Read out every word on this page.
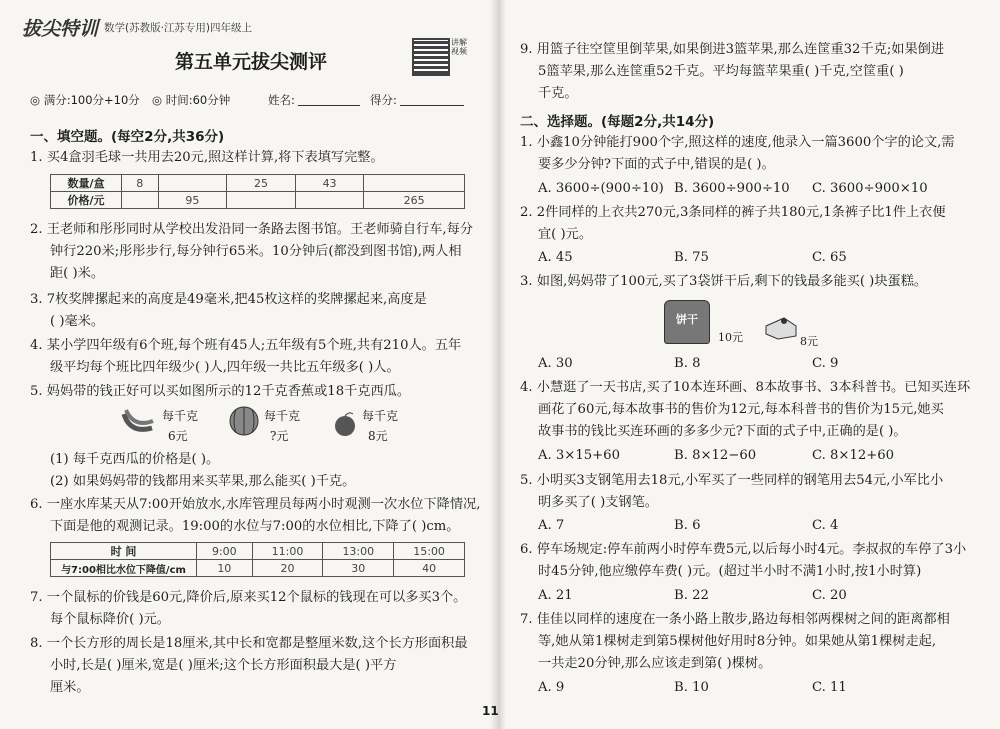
拔尖特训 数学(苏教版·江苏专用)四年级上
第五单元拔尖测评
讲解视频
◎ 满分:100分+10分 ◎ 时间:60分钟	姓名:	得分:
一、填空题。(每空2分,共36分)
1. 买4盒羽毛球一共用去20元,照这样计算,将下表填写完整。
数量/盒	8		25	43	
价格/元		95			265
2. 王老师和彤彤同时从学校出发沿同一条路去图书馆。王老师骑自行车,每分
钟行220米;彤彤步行,每分钟行65米。10分钟后(都没到图书馆),两人相
距( )米。
3. 7枚奖牌摞起来的高度是49毫米,把45枚这样的奖牌摞起来,高度是
( )毫米。
4. 某小学四年级有6个班,每个班有45人;五年级有5个班,共有210人。五年
级平均每个班比四年级少( )人,四年级一共比五年级多( )人。
5. 妈妈带的钱正好可以买如图所示的12千克香蕉或18千克西瓜。
每千克
6元
每千克
?元
每千克
8元
(1) 每千克西瓜的价格是( )。
(2) 如果妈妈带的钱都用来买苹果,那么能买( )千克。
6. 一座水库某天从7:00开始放水,水库管理员每两小时观测一次水位下降情况,
下面是他的观测记录。19:00的水位与7:00的水位相比,下降了( )cm。
时 间	9:00	11:00	13:00	15:00
与7:00相比水位下降值/cm	10	20	30	40
7. 一个鼠标的价钱是60元,降价后,原来买12个鼠标的钱现在可以多买3个。
每个鼠标降价( )元。
8. 一个长方形的周长是18厘米,其中长和宽都是整厘米数,这个长方形面积最
小时,长是( )厘米,宽是( )厘米;这个长方形面积最大是( )平方
厘米。
9. 用篮子往空筐里倒苹果,如果倒进3篮苹果,那么连筐重32千克;如果倒进
5篮苹果,那么连筐重52千克。平均每篮苹果重( )千克,空筐重( )
千克。
二、选择题。(每题2分,共14分)
1. 小鑫10分钟能打900个字,照这样的速度,他录入一篇3600个字的论文,需
要多少分钟?下面的式子中,错误的是( )。
A. 3600÷(900÷10) B. 3600÷900÷10 C. 3600÷900×10
2. 2件同样的上衣共270元,3条同样的裤子共180元,1条裤子比1件上衣便
宜( )元。
A. 45	B. 75	C. 65
3. 如图,妈妈带了100元,买了3袋饼干后,剩下的钱最多能买( )块蛋糕。
饼干
10元	8元
A. 30	B. 8	C. 9
4. 小慧逛了一天书店,买了10本连环画、8本故事书、3本科普书。已知买连环
画花了60元,每本故事书的售价为12元,每本科普书的售价为15元,她买
故事书的钱比买连环画的多多少元?下面的式子中,正确的是( )。
A. 3×15+60	B. 8×12−60	C. 8×12+60
5. 小明买3支钢笔用去18元,小军买了一些同样的钢笔用去54元,小军比小
明多买了( )支钢笔。
A. 7	B. 6	C. 4
6. 停车场规定:停车前两小时停车费5元,以后每小时4元。李叔叔的车停了3小
时45分钟,他应缴停车费( )元。(超过半小时不满1小时,按1小时算)
A. 21	B. 22	C. 20
7. 佳佳以同样的速度在一条小路上散步,路边每相邻两棵树之间的距离都相
等,她从第1棵树走到第5棵树他好用时8分钟。如果她从第1棵树走起,
一共走20分钟,那么应该走到第( )棵树。
A. 9	B. 10	C. 11
11
